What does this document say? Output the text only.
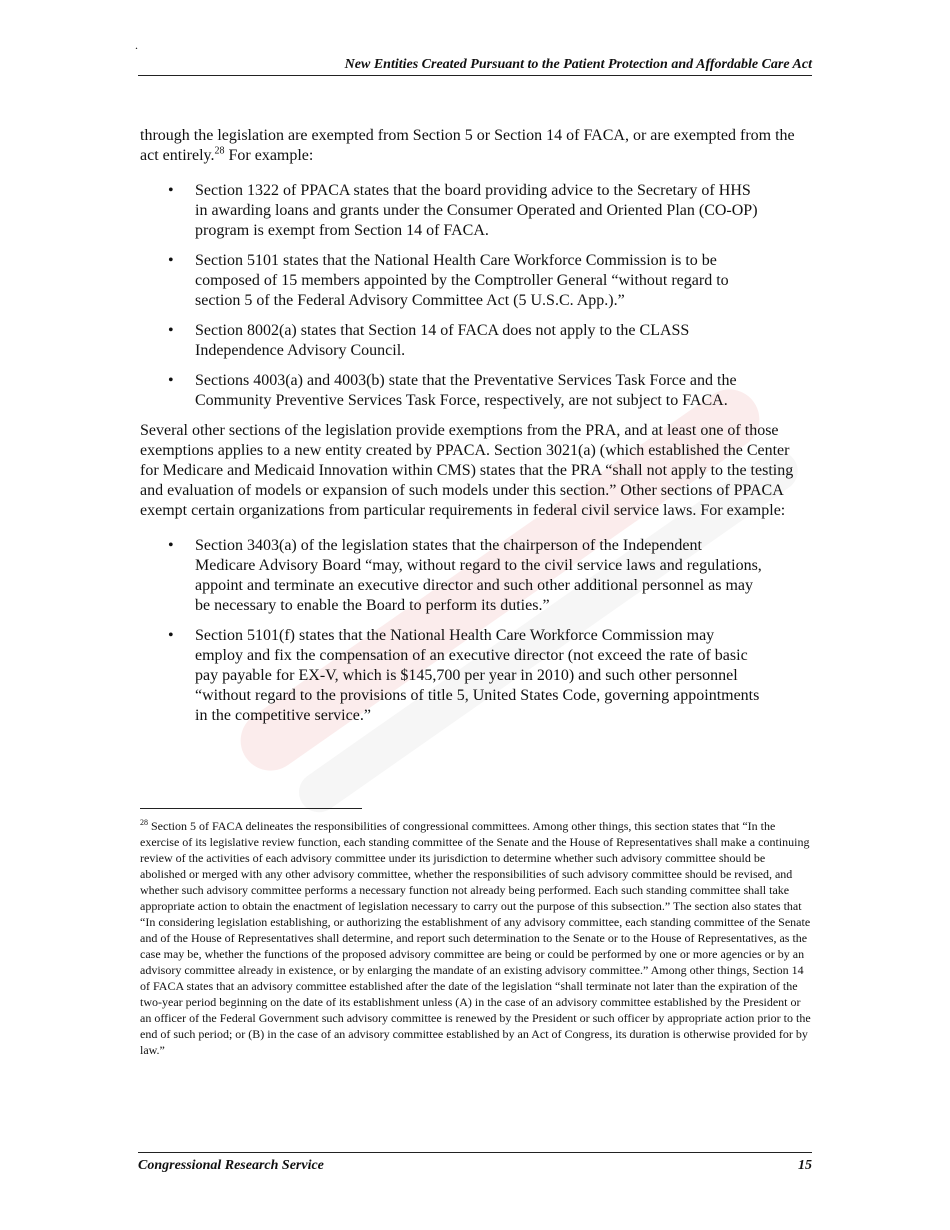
.
New Entities Created Pursuant to the Patient Protection and Affordable Care Act

through the legislation are exempted from Section 5 or Section 14 of FACA, or are exempted from the act entirely.$^{28}$ For example:

• Section 1322 of PPACA states that the board providing advice to the Secretary of HHS in awarding loans and grants under the Consumer Operated and Oriented Plan (CO-OP) program is exempt from Section 14 of FACA.
• Section 5101 states that the National Health Care Workforce Commission is to be composed of 15 members appointed by the Comptroller General “without regard to section 5 of the Federal Advisory Committee Act (5 U.S.C. App.).”
• Section 8002(a) states that Section 14 of FACA does not apply to the CLASS Independence Advisory Council.
• Sections 4003(a) and 4003(b) state that the Preventative Services Task Force and the Community Preventive Services Task Force, respectively, are not subject to FACA.

Several other sections of the legislation provide exemptions from the PRA, and at least one of those exemptions applies to a new entity created by PPACA. Section 3021(a) (which established the Center for Medicare and Medicaid Innovation within CMS) states that the PRA “shall not apply to the testing and evaluation of models or expansion of such models under this section.” Other sections of PPACA exempt certain organizations from particular requirements in federal civil service laws. For example:

• Section 3403(a) of the legislation states that the chairperson of the Independent Medicare Advisory Board “may, without regard to the civil service laws and regulations, appoint and terminate an executive director and such other additional personnel as may be necessary to enable the Board to perform its duties.”
• Section 5101(f) states that the National Health Care Workforce Commission may employ and fix the compensation of an executive director (not exceed the rate of basic pay payable for EX-V, which is $145,700 per year in 2010) and such other personnel “without regard to the provisions of title 5, United States Code, governing appointments in the competitive service.”
$^{28}$ Section 5 of FACA delineates the responsibilities of congressional committees. Among other things, this section states that “In the exercise of its legislative review function, each standing committee of the Senate and the House of Representatives shall make a continuing review of the activities of each advisory committee under its jurisdiction to determine whether such advisory committee should be abolished or merged with any other advisory committee, whether the responsibilities of such advisory committee should be revised, and whether such advisory committee performs a necessary function not already being performed. Each such standing committee shall take appropriate action to obtain the enactment of legislation necessary to carry out the purpose of this subsection.” The section also states that “In considering legislation establishing, or authorizing the establishment of any advisory committee, each standing committee of the Senate and of the House of Representatives shall determine, and report such determination to the Senate or to the House of Representatives, as the case may be, whether the functions of the proposed advisory committee are being or could be performed by one or more agencies or by an advisory committee already in existence, or by enlarging the mandate of an existing advisory committee.” Among other things, Section 14 of FACA states that an advisory committee established after the date of the legislation “shall terminate not later than the expiration of the two-year period beginning on the date of its establishment unless (A) in the case of an advisory committee established by the President or an officer of the Federal Government such advisory committee is renewed by the President or such officer by appropriate action prior to the end of such period; or (B) in the case of an advisory committee established by an Act of Congress, its duration is otherwise provided for by law.”
Congressional Research Service	15
